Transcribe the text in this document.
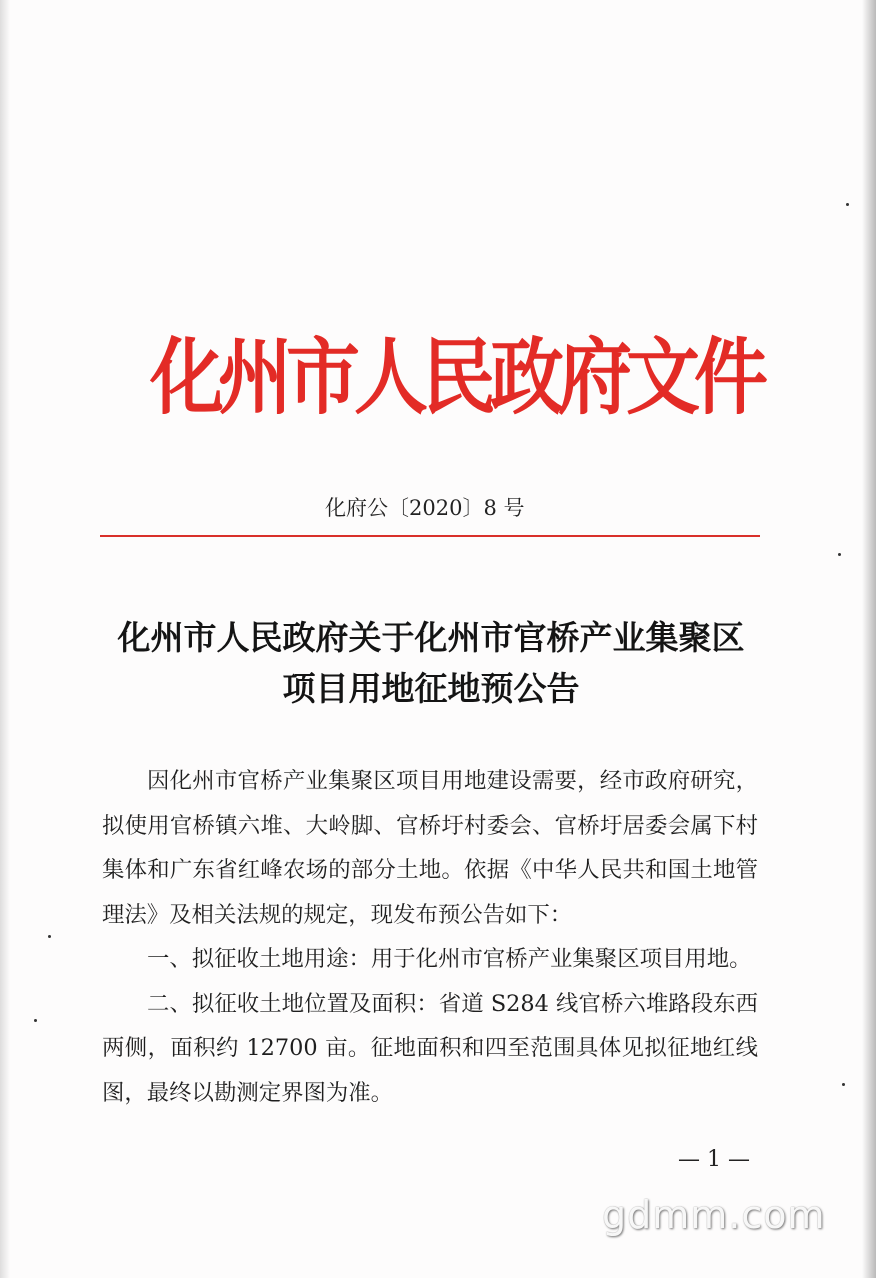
化州市人民政府文件
化府公〔2020〕8 号
化州市人民政府关于化州市官桥产业集聚区
项目用地征地预公告

因化州市官桥产业集聚区项目用地建设需要，经市政府研究，拟使用官桥镇六堆、大岭脚、官桥圩村委会、官桥圩居委会属下村集体和广东省红峰农场的部分土地。依据《中华人民共和国土地管理法》及相关法规的规定，现发布预公告如下：

一、拟征收土地用途：用于化州市官桥产业集聚区项目用地。

二、拟征收土地位置及面积：省道 S284 线官桥六堆路段东西两侧，面积约 12700 亩。征地面积和四至范围具体见拟征地红线图，最终以勘测定界图为准。

— 1 —
gdmm.com
